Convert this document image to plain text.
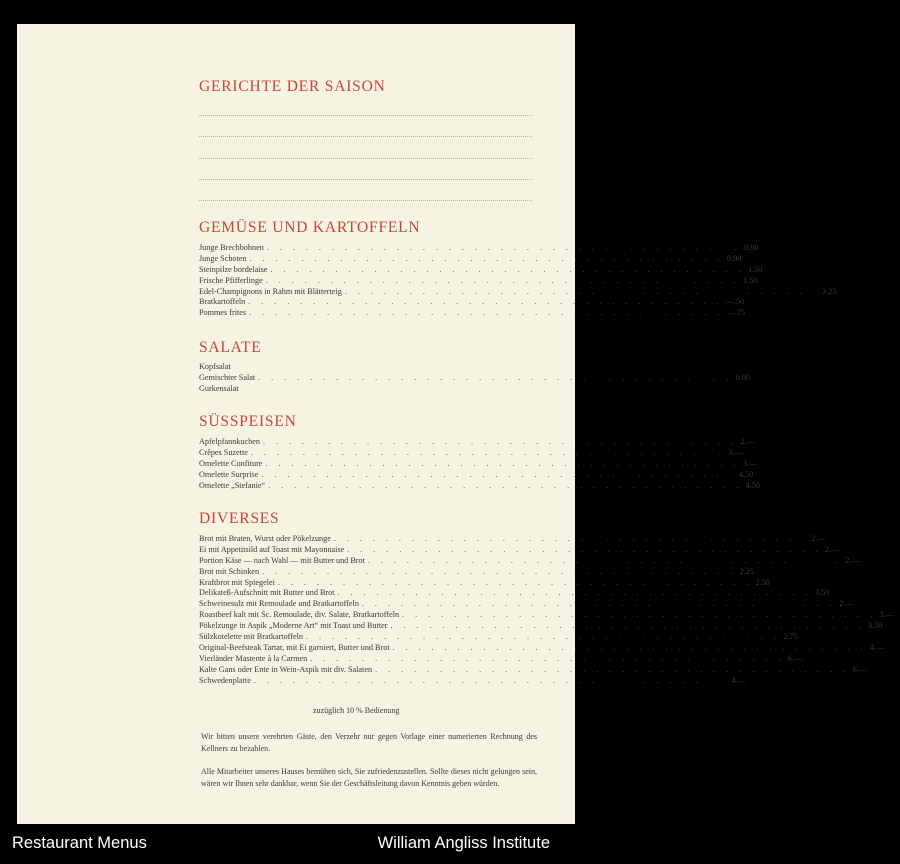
GERICHTE DER SAISON
GEMÜSE UND KARTOFFELN
Junge Brechbohnen . . . . . . . . . . . . . . . . . . . . . . . . . . . . . . . . . . . . . 0.90
Junge Schoten . . . . . . . . . . . . . . . . . . . . . . . . . . . . . . . . . . . . . 0.90
Steinpilze bordelaise . . . . . . . . . . . . . . . . . . . . . . . . . . . . . . . . . . . . . 1.50
Frische Pfifferlinge . . . . . . . . . . . . . . . . . . . . . . . . . . . . . . . . . . . . . 1.50
Edel-Champignons in Rahm mit Blätterteig . . . . . . . . . . . . . . . . . . . . . . . . . . . . . . . . . . . . . 3.25
Bratkartoffeln . . . . . . . . . . . . . . . . . . . . . . . . . . . . . . . . . . . . . —.50
Pommes frites . . . . . . . . . . . . . . . . . . . . . . . . . . . . . . . . . . . . . —.75
SALATE
Kopfsalat
Gemischter Salat . . . . . . . . . . . . . . . . . . . . . . . . . . . . . . . . . . . . . 0.80
Gurkensalat
SÜSSPEISEN
Apfelpfannkuchen . . . . . . . . . . . . . . . . . . . . . . . . . . . . . . . . . . . . . 2.—
Crêpes Suzette . . . . . . . . . . . . . . . . . . . . . . . . . . . . . . . . . . . . . 3.—
Omelette Confiture . . . . . . . . . . . . . . . . . . . . . . . . . . . . . . . . . . . . . 3.—
Omelette Surprise . . . . . . . . . . . . . . . . . . . . . . . . . . . . . . . . . . . . . 4.50
Omelette „Stefanie“ . . . . . . . . . . . . . . . . . . . . . . . . . . . . . . . . . . . . . 4.50
DIVERSES
Brot mit Braten, Wurst oder Pökelzunge . . . . . . . . . . . . . . . . . . . . . . . . . . . . . . . . . . . . . 2.—
Ei mit Appetitsild auf Toast mit Mayonnaise . . . . . . . . . . . . . . . . . . . . . . . . . . . . . . . . . . . . . 2.—
Portion Käse — nach Wahl — mit Butter und Brot . . . . . . . . . . . . . . . . . . . . . . . . . . . . . . . . . . . . . 2.—
Brot mit Schinken . . . . . . . . . . . . . . . . . . . . . . . . . . . . . . . . . . . . . 2.25
Kraftbrot mit Spiegelei . . . . . . . . . . . . . . . . . . . . . . . . . . . . . . . . . . . . . 2.50
Delikateß-Aufschnitt mit Butter und Brot . . . . . . . . . . . . . . . . . . . . . . . . . . . . . . . . . . . . . 3.50
Schweinesulz mit Remoulade und Bratkartoffeln . . . . . . . . . . . . . . . . . . . . . . . . . . . . . . . . . . . . . 2.—
Roastbeef kalt mit Sc. Remoulade, div. Salate, Bratkartoffeln . . . . . . . . . . . . . . . . . . . . . . . . . . . . . . . . . . . . . 3.—
Pökelzunge in Aspik „Moderne Art“ mit Toast und Butter . . . . . . . . . . . . . . . . . . . . . . . . . . . . . . . . . . . . . 3.50
Sülzkotelette mit Bratkartoffeln . . . . . . . . . . . . . . . . . . . . . . . . . . . . . . . . . . . . . 2.75
Original-Beefsteak Tartar, mit Ei garniert, Butter und Brot . . . . . . . . . . . . . . . . . . . . . . . . . . . . . . . . . . . . . 4.—
Vierländer Mastente à la Carmen . . . . . . . . . . . . . . . . . . . . . . . . . . . . . . . . . . . . . 6.—
Kalte Gans oder Ente in Wein-Aspik mit div. Salaten . . . . . . . . . . . . . . . . . . . . . . . . . . . . . . . . . . . . . 6.—
Schwedenplatte . . . . . . . . . . . . . . . . . . . . . . . . . . . . . . . . . . . . . 4.—
zuzüglich 10 % Bedienung

Wir bitten unsere verehrten Gäste, den Verzehr nur gegen Vorlage einer numerierten Rechnung des Kellners zu bezahlen.

Alle Mitarbeiter unseres Hauses bemühen sich, Sie zufriedenzustellen. Sollte dieses nicht gelungen sein, wären wir Ihnen sehr dankbar, wenn Sie der Geschäftsleitung davon Kenntnis geben würden.

Restaurant Menus	William Angliss Institute
